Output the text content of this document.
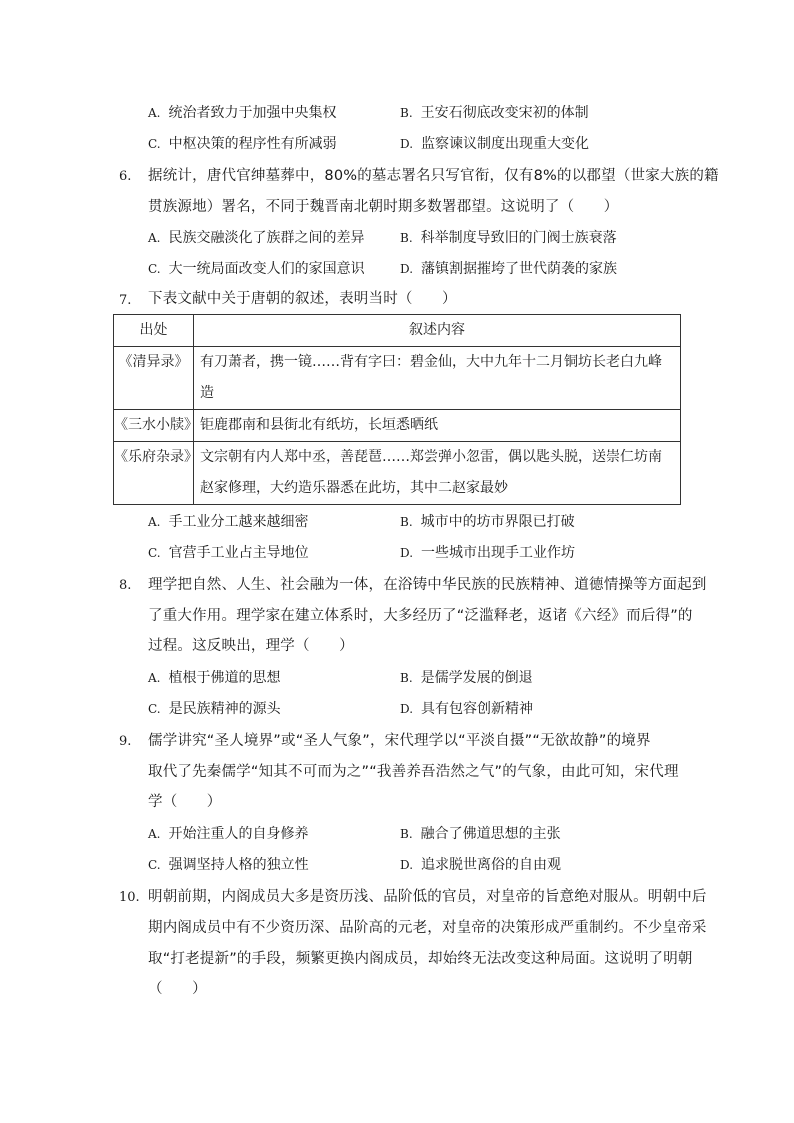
A. 统治者致力于加强中央集权	B. 王安石彻底改变宋初的体制
C. 中枢决策的程序性有所减弱	D. 监察谏议制度出现重大变化
6. 据统计，唐代官绅墓葬中，80%的墓志署名只写官衔，仅有8%的以郡望（世家大族的籍
贯族源地）署名，不同于魏晋南北朝时期多数署郡望。这说明了（　　）
A. 民族交融淡化了族群之间的差异	B. 科举制度导致旧的门阀士族衰落
C. 大一统局面改变人们的家国意识	D. 藩镇割据摧垮了世代荫袭的家族
7. 下表文献中关于唐朝的叙述，表明当时（　　）
出处	叙述内容
《清异录》	有刀萧者，携一镜……背有字曰：碧金仙，大中九年十二月铜坊长老白九峰
造

《三水小牍》	钜鹿郡南和县街北有纸坊，长垣悉晒纸

《乐府杂录》	文宗朝有内人郑中丞，善琵琶……郑尝弹小忽雷，偶以匙头脱，送崇仁坊南
赵家修理，大约造乐器悉在此坊，其中二赵家最妙
A. 手工业分工越来越细密	B. 城市中的坊市界限已打破
C. 官营手工业占主导地位	D. 一些城市出现手工业作坊
8. 理学把自然、人生、社会融为一体，在浴铸中华民族的民族精神、道德情操等方面起到
了重大作用。理学家在建立体系时，大多经历了“泛滥释老，返诸《六经》而后得”的
过程。这反映出，理学（　　）
A. 植根于佛道的思想	B. 是儒学发展的倒退
C. 是民族精神的源头	D. 具有包容创新精神
9. 儒学讲究“圣人境界”或“圣人气象”，宋代理学以“平淡自摄”“无欲故静”的境界
取代了先秦儒学“知其不可而为之”“我善养吾浩然之气”的气象，由此可知，宋代理
学（　　）
A. 开始注重人的自身修养	B. 融合了佛道思想的主张
C. 强调坚持人格的独立性	D. 追求脱世离俗的自由观
10. 明朝前期，内阁成员大多是资历浅、品阶低的官员，对皇帝的旨意绝对服从。明朝中后
期内阁成员中有不少资历深、品阶高的元老，对皇帝的决策形成严重制约。不少皇帝采
取“打老提新”的手段，频繁更换内阁成员，却始终无法改变这种局面。这说明了明朝
（　　）
